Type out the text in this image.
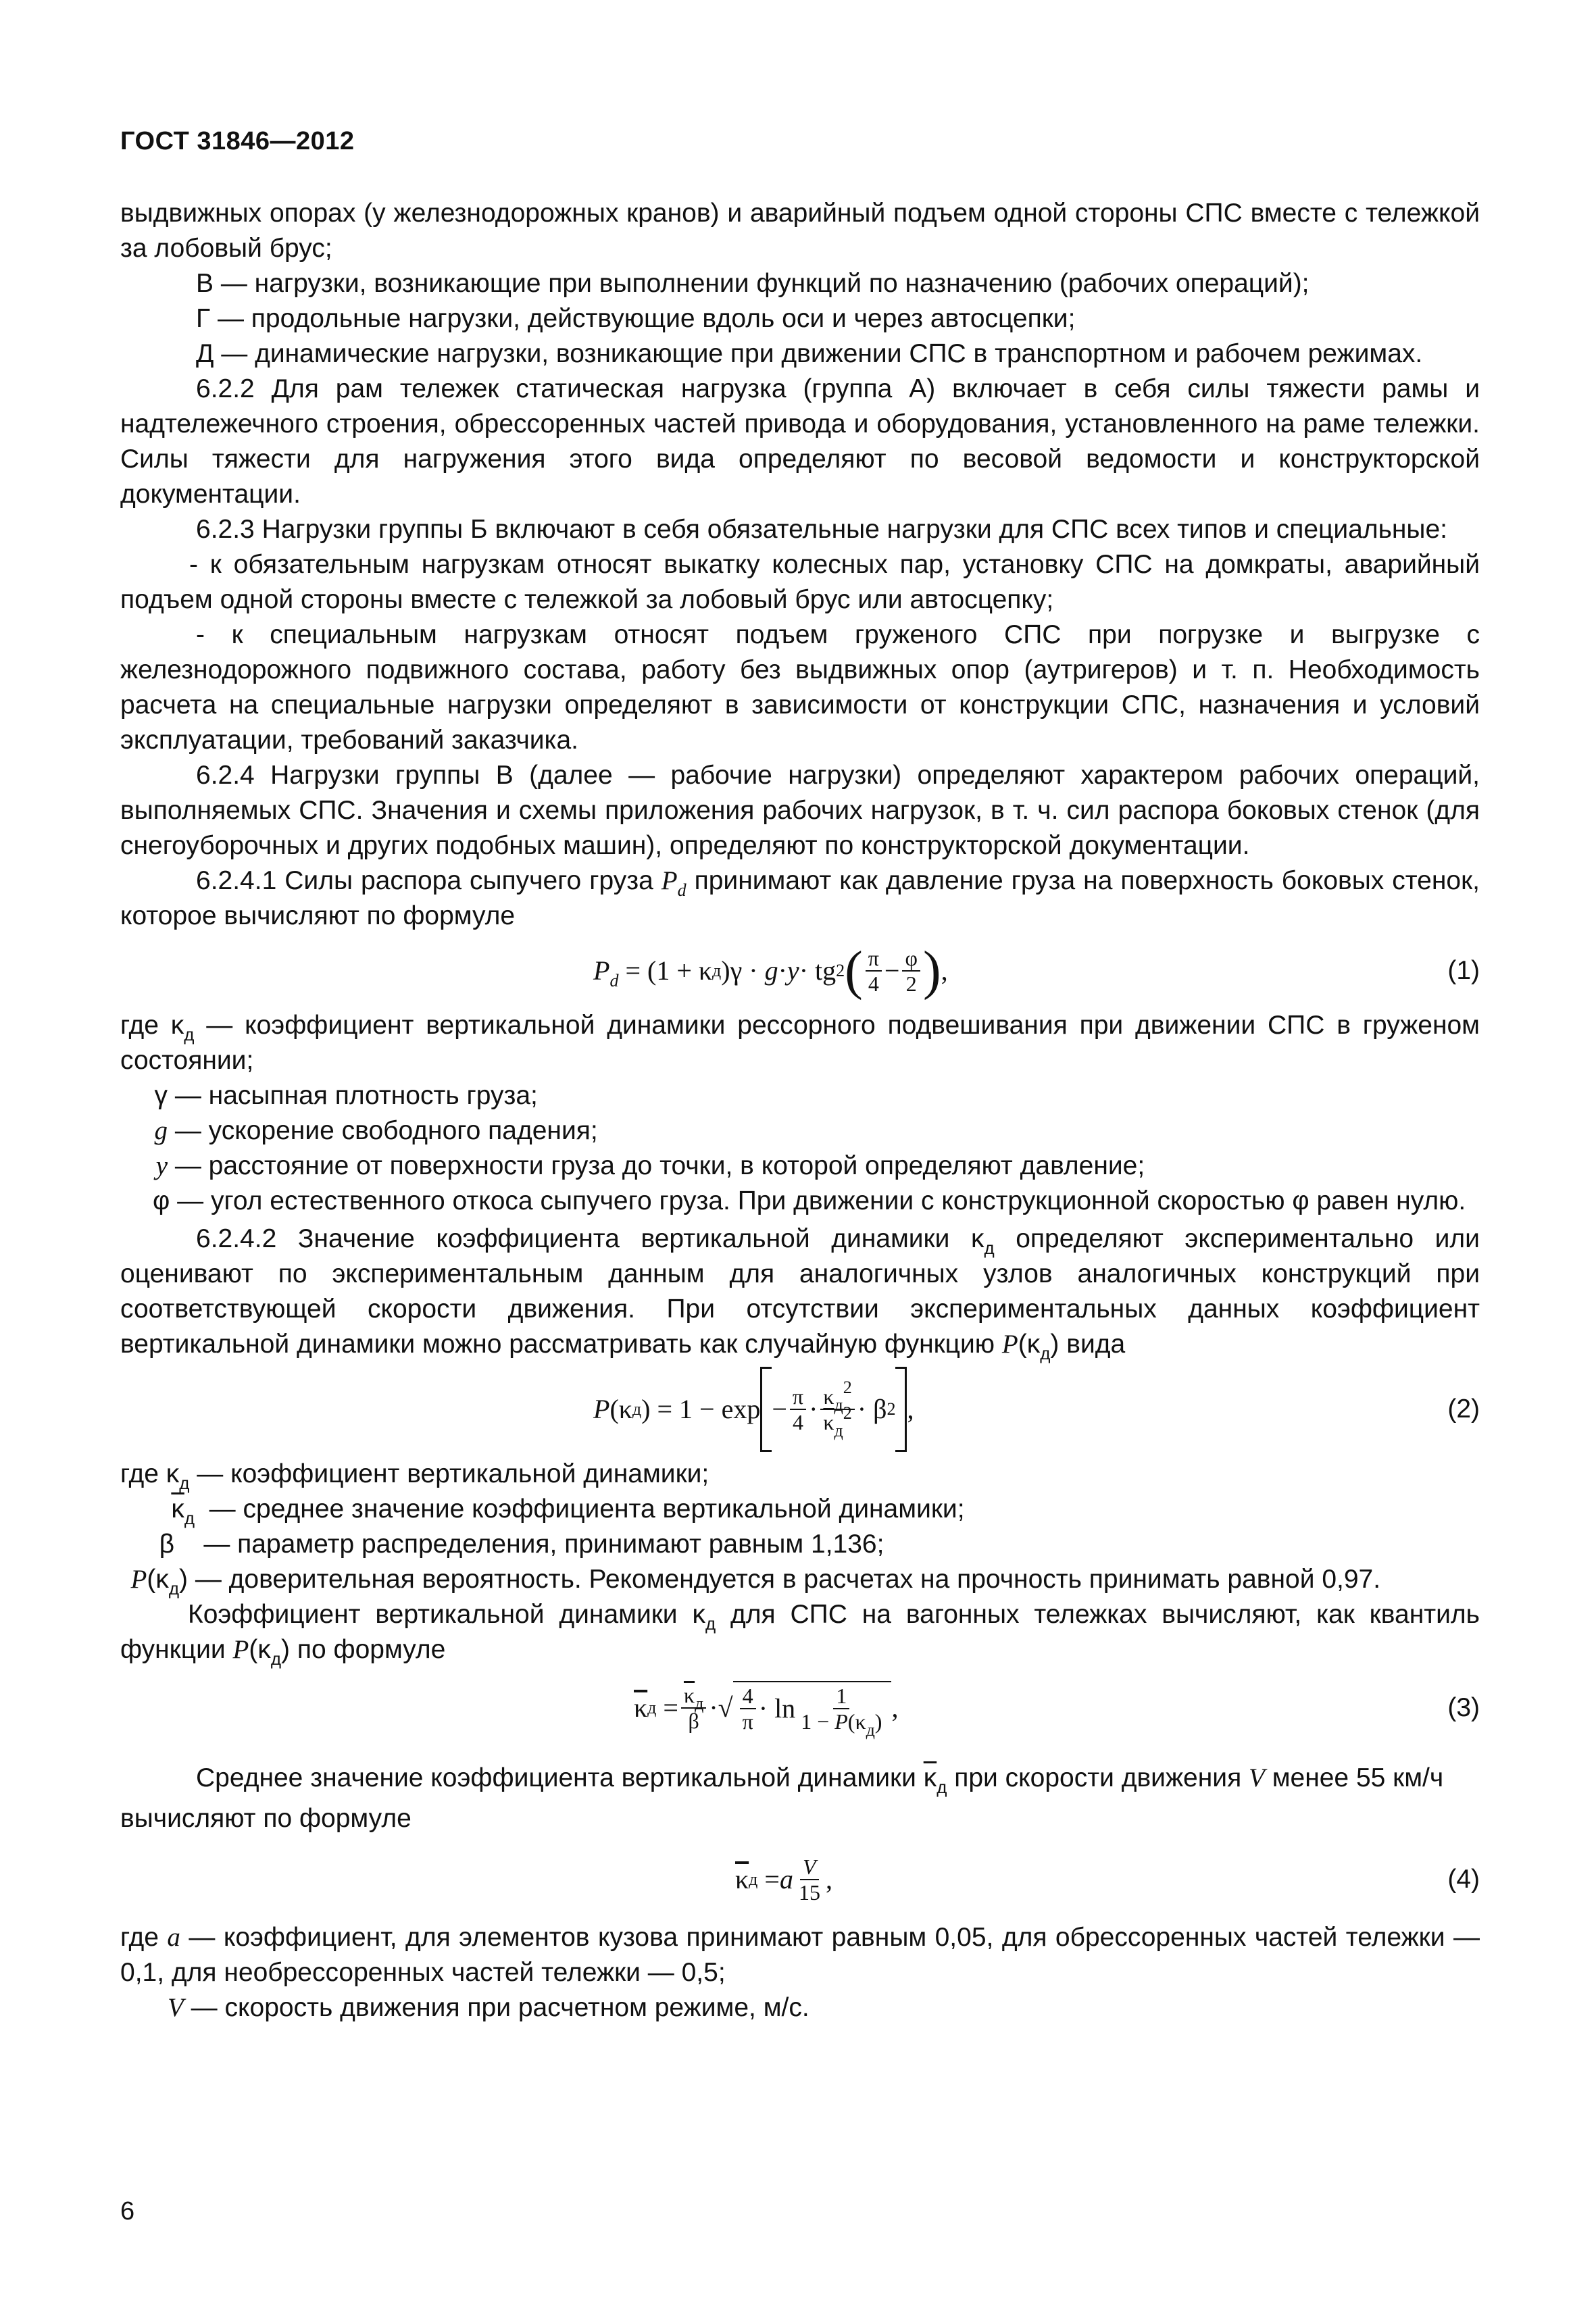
ГОСТ 31846—2012

выдвижных опорах (у железнодорожных кранов) и аварийный подъем одной стороны СПС вместе с тележкой за лобовый брус;

В — нагрузки, возникающие при выполнении функций по назначению (рабочих операций);

Г — продольные нагрузки, действующие вдоль оси и через автосцепки;

Д — динамические нагрузки, возникающие при движении СПС в транспортном и рабочем режимах.

6.2.2 Для рам тележек статическая нагрузка (группа А) включает в себя силы тяжести рамы и надтележечного строения, обрессоренных частей привода и оборудования, установленного на раме тележки. Силы тяжести для нагружения этого вида определяют по весовой ведомости и конструкторской документации.

6.2.3 Нагрузки группы Б включают в себя обязательные нагрузки для СПС всех типов и специальные:

- к обязательным нагрузкам относят выкатку колесных пар, установку СПС на домкраты, аварийный подъем одной стороны вместе с тележкой за лобовый брус или автосцепку;

- к специальным нагрузкам относят подъем груженого СПС при погрузке и выгрузке с железнодорожного подвижного состава, работу без выдвижных опор (аутригеров) и т. п. Необходимость расчета на специальные нагрузки определяют в зависимости от конструкции СПС, назначения и условий эксплуатации, требований заказчика.

6.2.4 Нагрузки группы В (далее — рабочие нагрузки) определяют характером рабочих операций, выполняемых СПС. Значения и схемы приложения рабочих нагрузок, в т. ч. сил распора боковых стенок (для снегоуборочных и других подобных машин), определяют по конструкторской документации.

6.2.4.1 Силы распора сыпучего груза $P_d$ принимают как давление груза на поверхность боковых стенок, которое вычисляют по формуле

$P_d = (1 + \kappa$ д )γ · g · y · tg 2 ( $\frac{\pi}{4} - \frac{\varphi}{2}$ ) ,	(1)

где $\kappa_д$ — коэффициент вертикальной динамики рессорного подвешивания при движении СПС в груженом состоянии;

γ
— насыпная плотность груза;
g
— ускорение свободного падения;
y
— расстояние от поверхности груза до точки, в которой определяют давление;

φ — угол естественного откоса сыпучего груза. При движении с конструкционной скоростью φ равен нулю.

6.2.4.2 Значение коэффициента вертикальной динамики $\kappa_д$ определяют экспериментально или оценивают по экспериментальным данным для аналогичных узлов аналогичных конструкций при соответствующей скорости движения. При отсутствии экспериментальных данных коэффициент вертикальной динамики можно рассматривать как случайную функцию $P(\kappa_д)$ вида

P (κ д ) = $1 - \exp - \frac{\pi}{4} \cdot \frac{\kappa_д^2}{\overline{\kappa}_д^2} \cdot \beta$ 2 ,	(2)

где $\kappa_д$ — коэффициент вертикальной динамики;

$\overline{\kappa}_д$
— среднее значение коэффициента вертикальной динамики;
β
— параметр распределения, принимают равным 1,136;
$P(\kappa_д)$
— доверительная вероятность. Рекомендуется в расчетах на прочность принимать равной 0,97.

Коэффициент вертикальной динамики $\kappa_д$ для СПС на вагонных тележках вычисляют, как квантиль функции $P(\kappa_д)$ по формуле

$\overline{\kappa}$ $д = \frac{\overline{\kappa}_д}{\beta}$ · √ $\frac{4}{\pi} \cdot \ln \frac{1}{1 - P(\kappa_д)}$ ,	(3)

Среднее значение коэффициента вертикальной динамики $\overline{\kappa}_д$ при скорости движения V менее 55 км/ч

вычисляют по формуле

$\overline{\kappa}$ д = a $\frac{V}{15}$ ,	(4)

где a — коэффициент, для элементов кузова принимают равным 0,05, для обрессоренных частей тележки — 0,1, для необрессоренных частей тележки — 0,5;

V — скорость движения при расчетном режиме, м/с.

6
